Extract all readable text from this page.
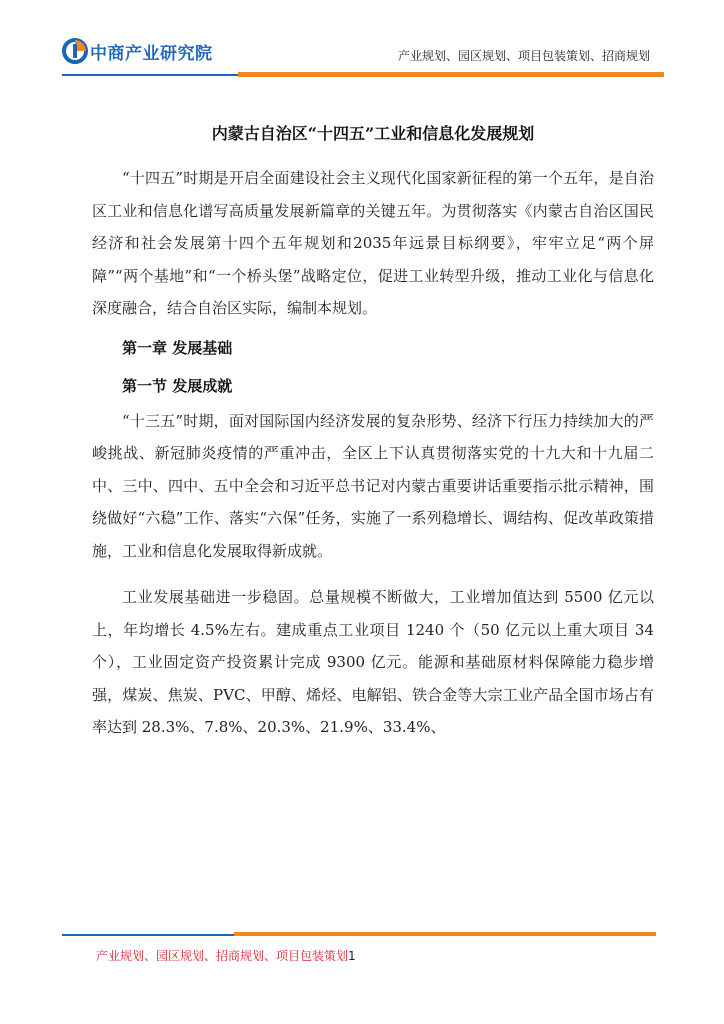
中商产业研究院	产业规划、园区规划、项目包装策划、招商规划
内蒙古自治区“十四五”工业和信息化发展规划

“十四五”时期是开启全面建设社会主义现代化国家新征程的第一个五年，是自治区工业和信息化谱写高质量发展新篇章的关键五年。为贯彻落实《内蒙古自治区国民经济和社会发展第十四个五年规划和2035年远景目标纲要》，牢牢立足“两个屏障”“两个基地”和“一个桥头堡”战略定位，促进工业转型升级，推动工业化与信息化深度融合，结合自治区实际，编制本规划。

第一章 发展基础

第一节 发展成就

“十三五”时期，面对国际国内经济发展的复杂形势、经济下行压力持续加大的严峻挑战、新冠肺炎疫情的严重冲击，全区上下认真贯彻落实党的十九大和十九届二中、三中、四中、五中全会和习近平总书记对内蒙古重要讲话重要指示批示精神，围绕做好“六稳”工作、落实“六保”任务，实施了一系列稳增长、调结构、促改革政策措施，工业和信息化发展取得新成就。

工业发展基础进一步稳固。总量规模不断做大，工业增加值达到 5500 亿元以上，年均增长 4.5%左右。建成重点工业项目 1240 个（50 亿元以上重大项目 34 个），工业固定资产投资累计完成 9300 亿元。能源和基础原材料保障能力稳步增强，煤炭、焦炭、PVC、甲醇、烯烃、电解铝、铁合金等大宗工业产品全国市场占有率达到 28.3%、7.8%、20.3%、21.9%、33.4%、

产业规划、园区规划、招商规划、项目包装策划1
